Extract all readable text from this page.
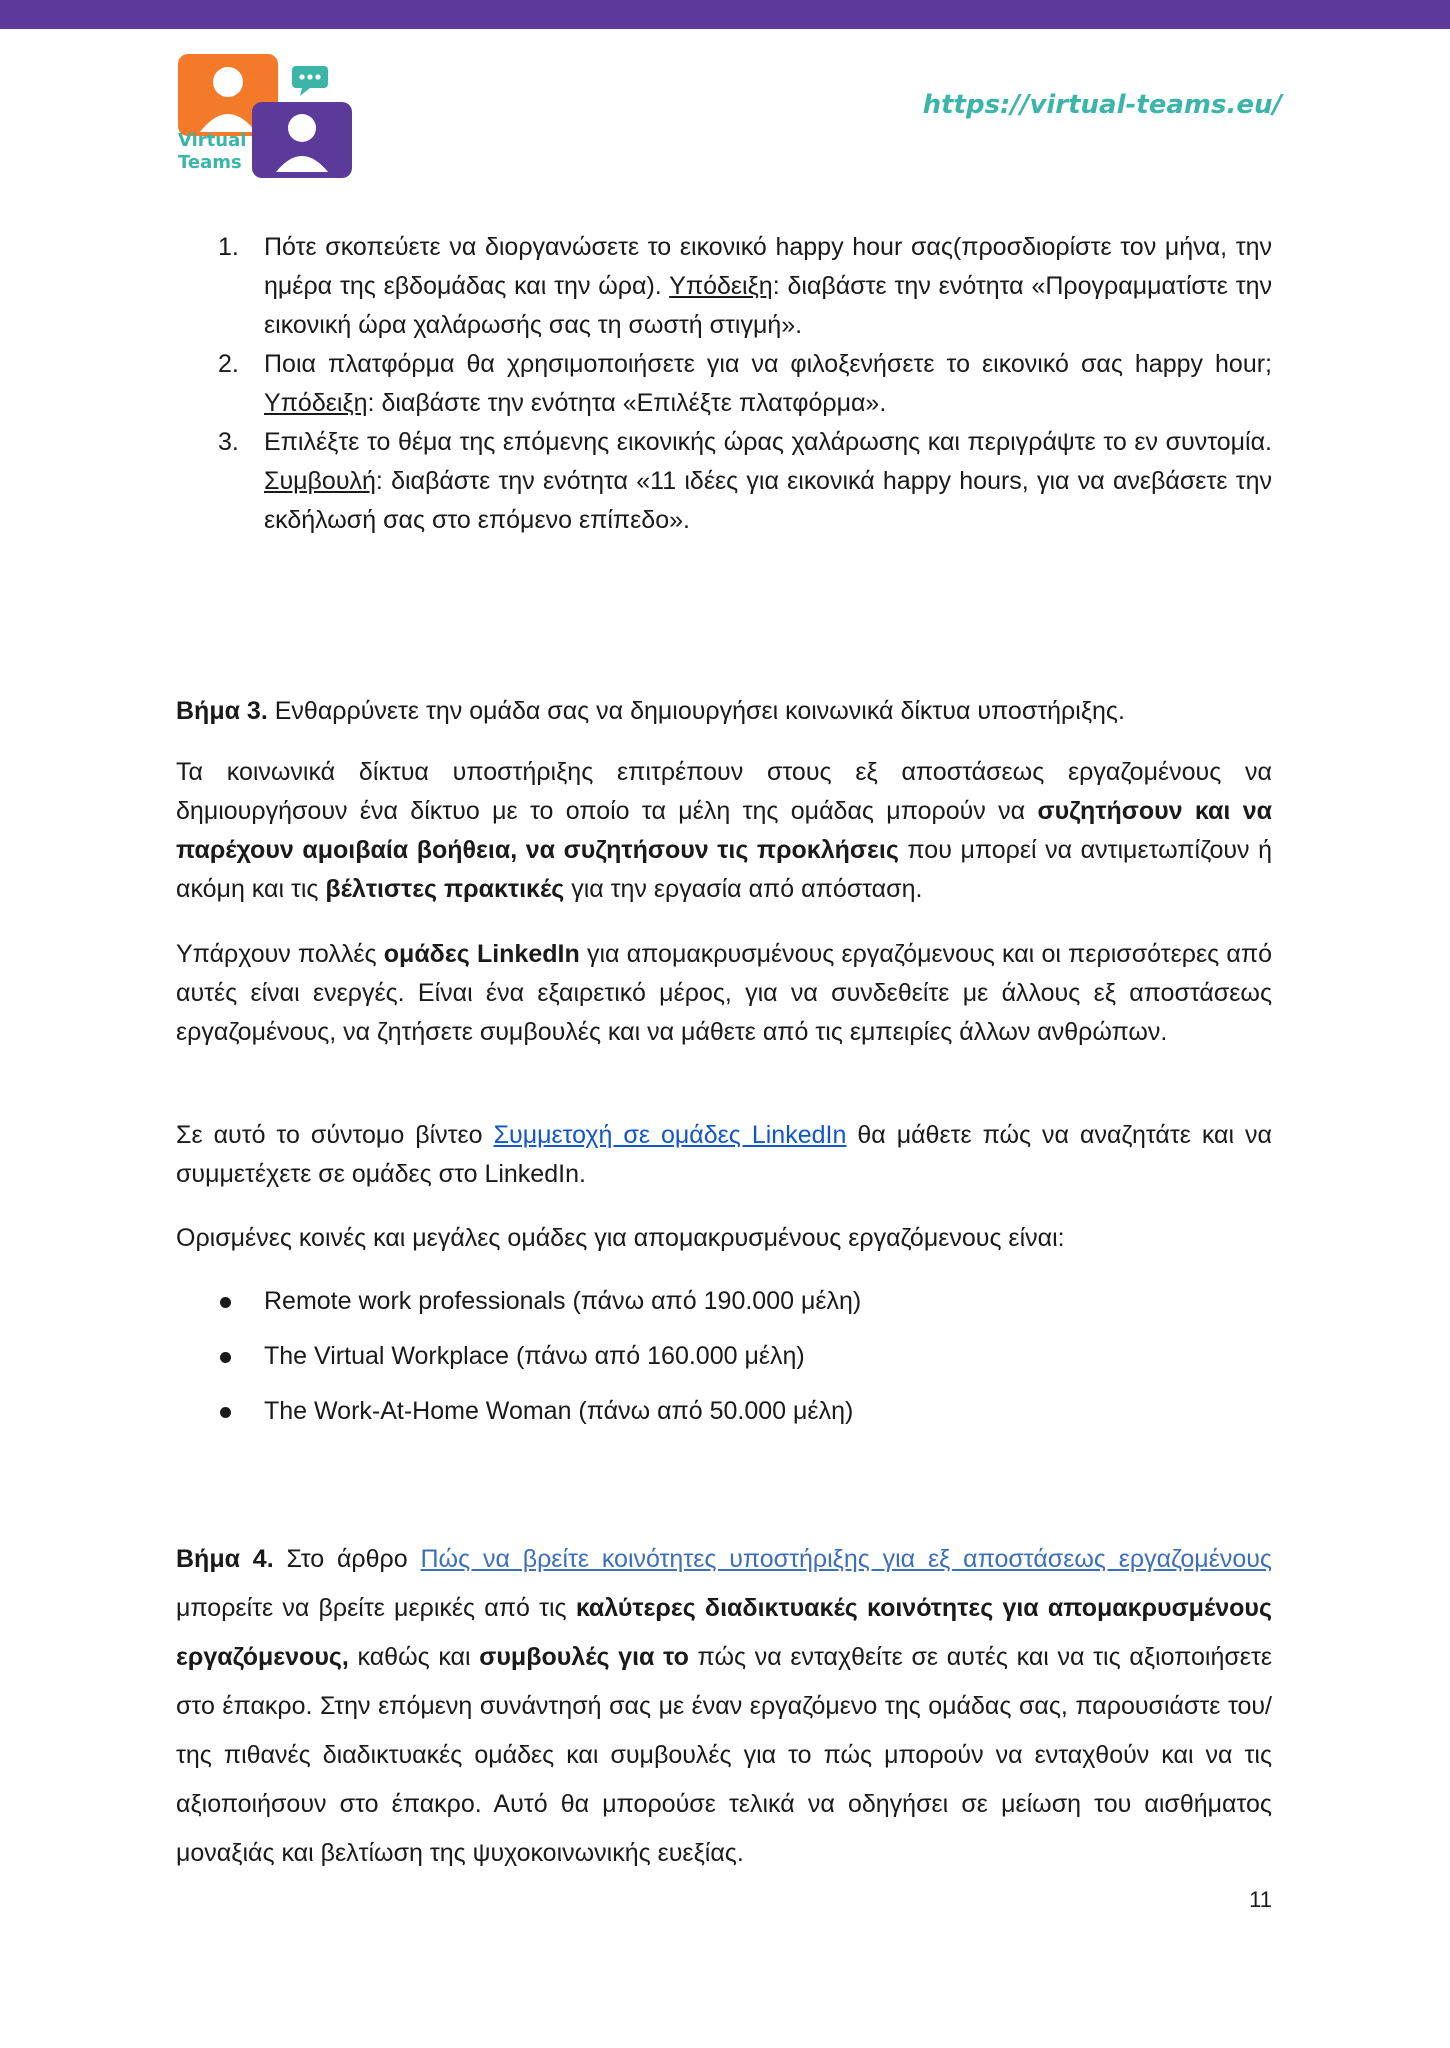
Virtual
Teams
https://virtual-teams.eu/
1. Πότε σκοπεύετε να διοργανώσετε το εικονικό happy hour σας(προσδιορίστε τον μήνα, την ημέρα της εβδομάδας και την ώρα). Υπόδειξη: διαβάστε την ενότητα «Προγραμματίστε την εικονική ώρα χαλάρωσής σας τη σωστή στιγμή».
2. Ποια πλατφόρμα θα χρησιμοποιήσετε για να φιλοξενήσετε το εικονικό σας happy hour; Υπόδειξη: διαβάστε την ενότητα «Επιλέξτε πλατφόρμα».
3. Επιλέξτε το θέμα της επόμενης εικονικής ώρας χαλάρωσης και περιγράψτε το εν συντομία. Συμβουλή: διαβάστε την ενότητα «11 ιδέες για εικονικά happy hours, για να ανεβάσετε την εκδήλωσή σας στο επόμενο επίπεδο».
Βήμα 3. Ενθαρρύνετε την ομάδα σας να δημιουργήσει κοινωνικά δίκτυα υποστήριξης.
Τα κοινωνικά δίκτυα υποστήριξης επιτρέπουν στους εξ αποστάσεως εργαζομένους να δημιουργήσουν ένα δίκτυο με το οποίο τα μέλη της ομάδας μπορούν να συζητήσουν και να παρέχουν αμοιβαία βοήθεια, να συζητήσουν τις προκλήσεις που μπορεί να αντιμετωπίζουν ή ακόμη και τις βέλτιστες πρακτικές για την εργασία από απόσταση.
Υπάρχουν πολλές ομάδες LinkedIn για απομακρυσμένους εργαζόμενους και οι περισσότερες από αυτές είναι ενεργές. Είναι ένα εξαιρετικό μέρος, για να συνδεθείτε με άλλους εξ αποστάσεως εργαζομένους, να ζητήσετε συμβουλές και να μάθετε από τις εμπειρίες άλλων ανθρώπων.
Σε αυτό το σύντομο βίντεο Συμμετοχή σε ομάδες LinkedIn θα μάθετε πώς να αναζητάτε και να συμμετέχετε σε ομάδες στο LinkedIn.
Ορισμένες κοινές και μεγάλες ομάδες για απομακρυσμένους εργαζόμενους είναι:
Remote work professionals (πάνω από 190.000 μέλη)
The Virtual Workplace (πάνω από 160.000 μέλη)
The Work-At-Home Woman (πάνω από 50.000 μέλη)
Βήμα 4. Στο άρθρο Πώς να βρείτε κοινότητες υποστήριξης για εξ αποστάσεως εργαζομένους μπορείτε να βρείτε μερικές από τις καλύτερες διαδικτυακές κοινότητες για απομακρυσμένους εργαζόμενους, καθώς και συμβουλές για το πώς να ενταχθείτε σε αυτές και να τις αξιοποιήσετε στο έπακρο. Στην επόμενη συνάντησή σας με έναν εργαζόμενο της ομάδας σας, παρουσιάστε του/της πιθανές διαδικτυακές ομάδες και συμβουλές για το πώς μπορούν να ενταχθούν και να τις αξιοποιήσουν στο έπακρο. Αυτό θα μπορούσε τελικά να οδηγήσει σε μείωση του αισθήματος μοναξιάς και βελτίωση της ψυχοκοινωνικής ευεξίας.
11
